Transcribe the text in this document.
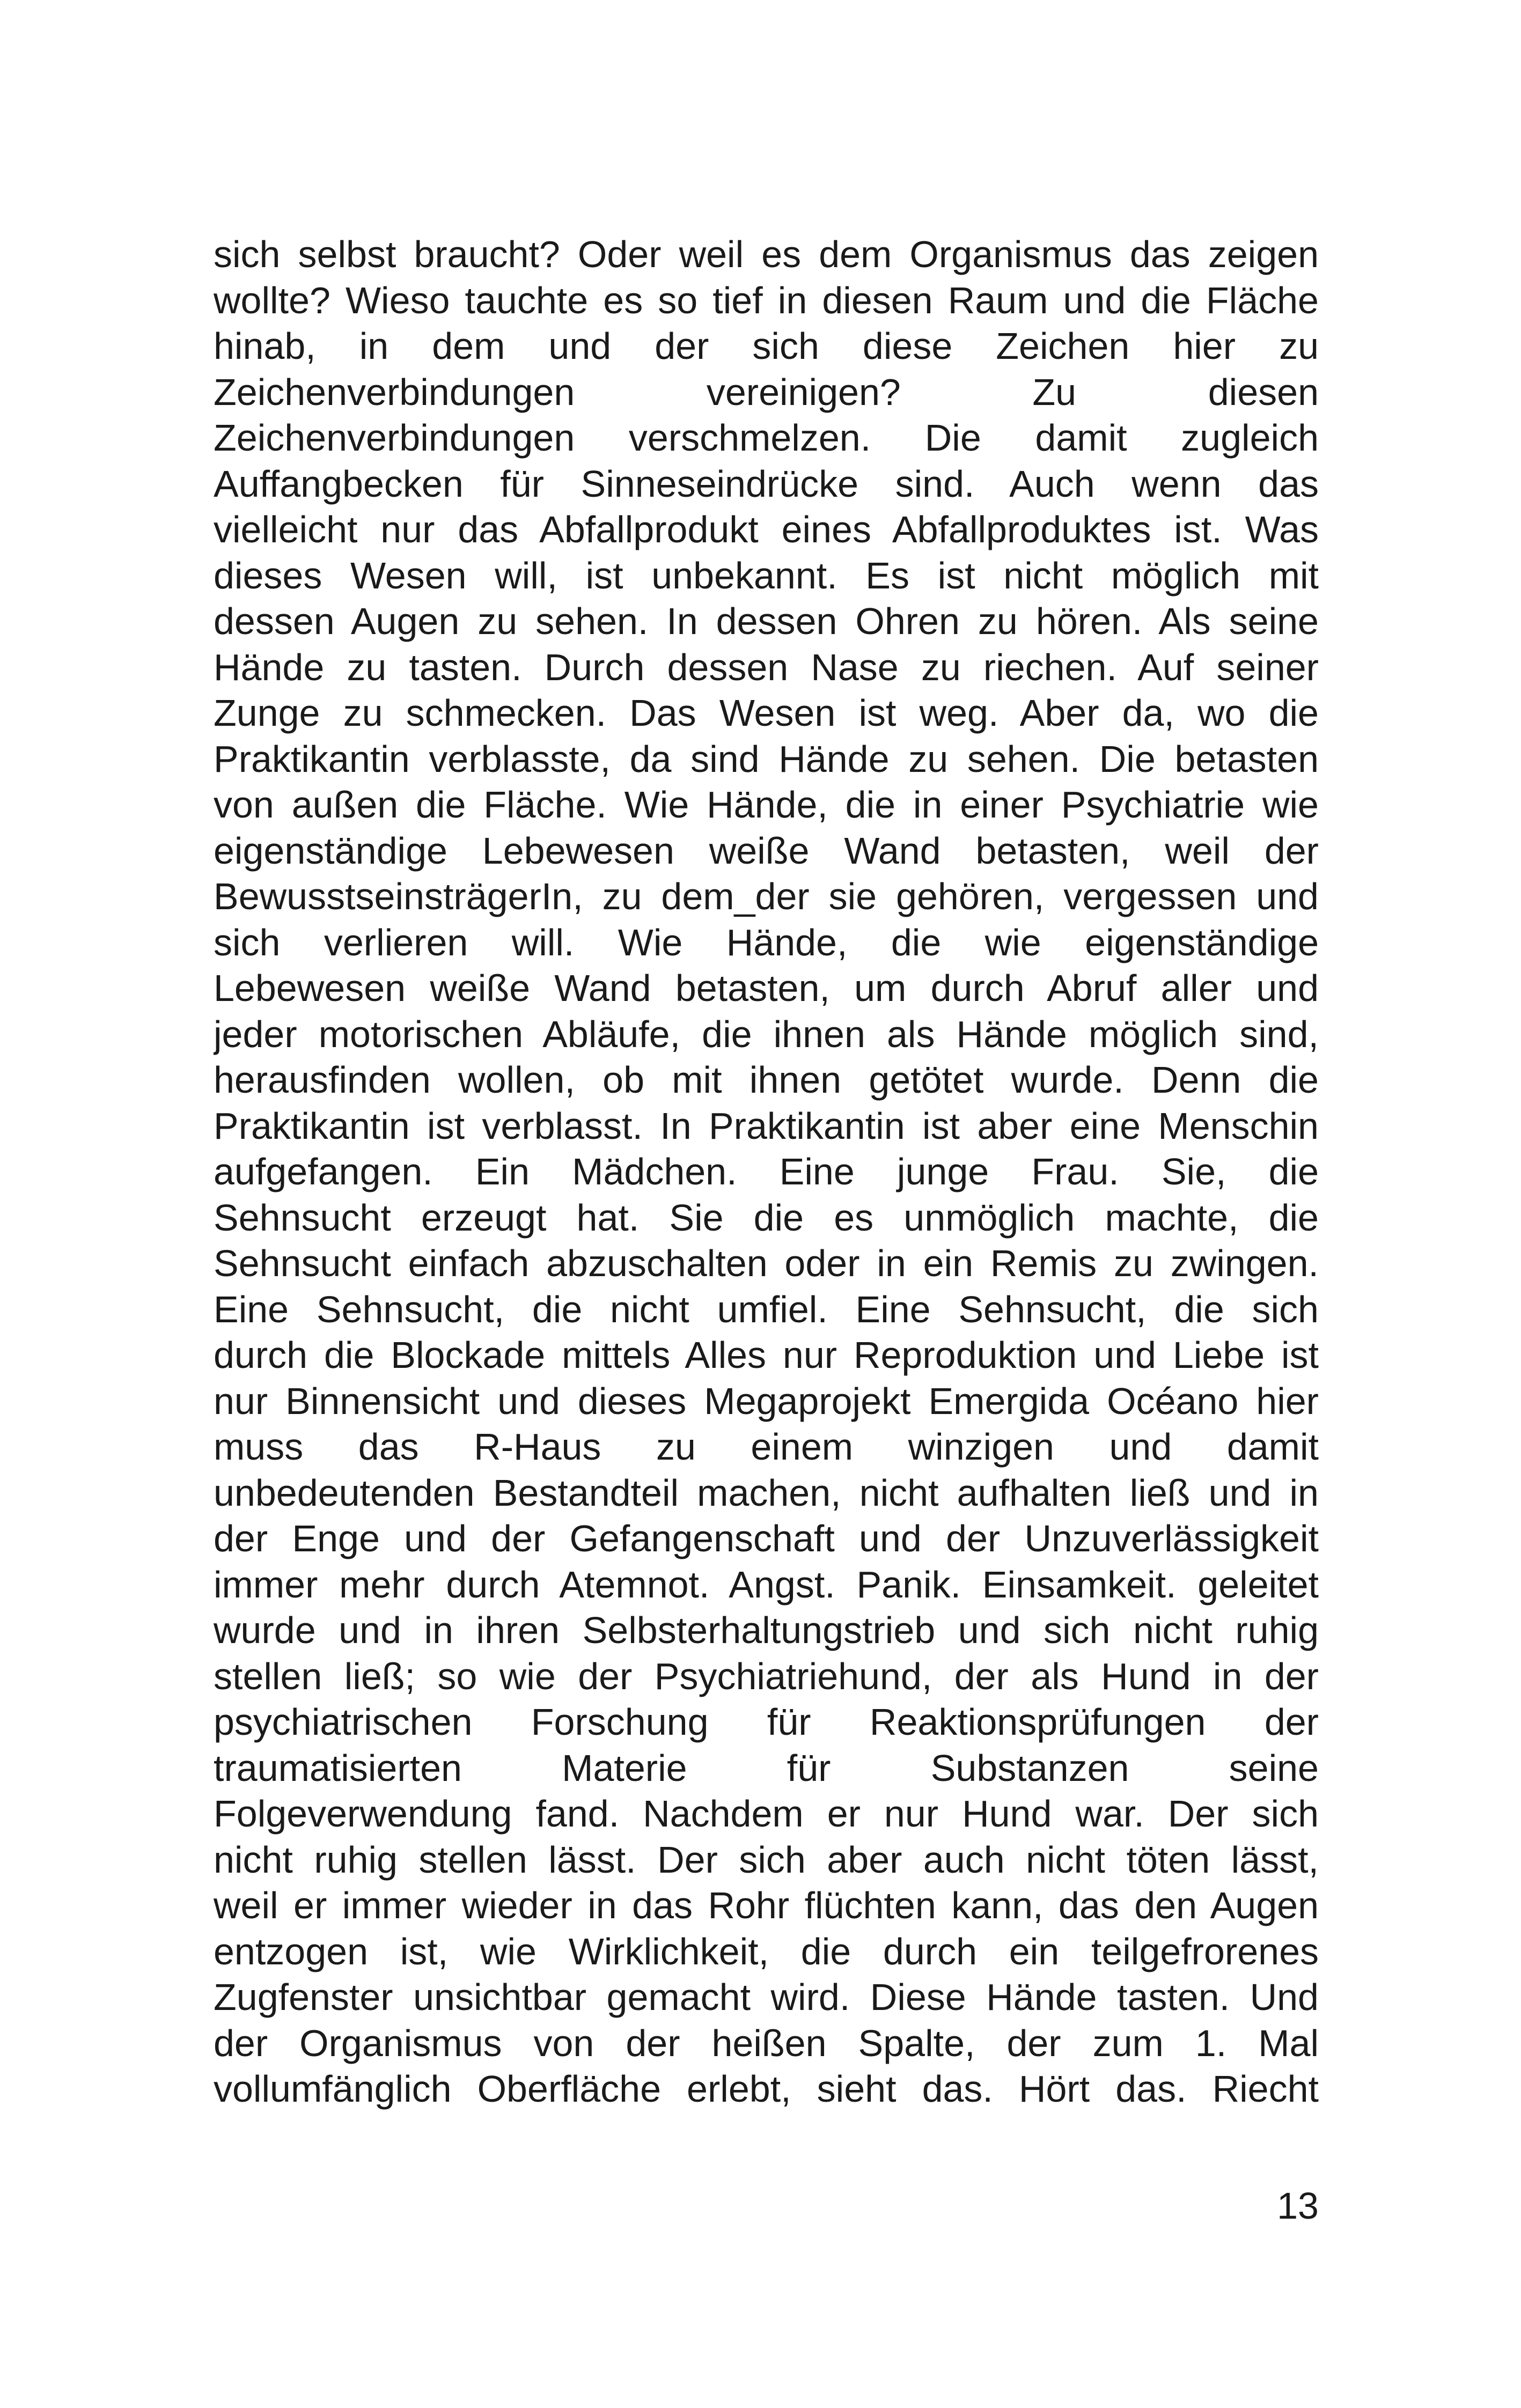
sich selbst braucht? Oder weil es dem Organismus das zeigen
wollte? Wieso tauchte es so tief in diesen Raum und die Fläche
hinab, in dem und der sich diese Zeichen hier zu
Zeichenverbindungen vereinigen? Zu diesen
Zeichenverbindungen verschmelzen. Die damit zugleich
Auffangbecken für Sinneseindrücke sind. Auch wenn das
vielleicht nur das Abfallprodukt eines Abfallproduktes ist. Was
dieses Wesen will, ist unbekannt. Es ist nicht möglich mit
dessen Augen zu sehen. In dessen Ohren zu hören. Als seine
Hände zu tasten. Durch dessen Nase zu riechen. Auf seiner
Zunge zu schmecken. Das Wesen ist weg. Aber da, wo die
Praktikantin verblasste, da sind Hände zu sehen. Die betasten
von außen die Fläche. Wie Hände, die in einer Psychiatrie wie
eigenständige Lebewesen weiße Wand betasten, weil der
BewusstseinsträgerIn, zu dem_der sie gehören, vergessen und
sich verlieren will. Wie Hände, die wie eigenständige
Lebewesen weiße Wand betasten, um durch Abruf aller und
jeder motorischen Abläufe, die ihnen als Hände möglich sind,
herausfinden wollen, ob mit ihnen getötet wurde. Denn die
Praktikantin ist verblasst. In Praktikantin ist aber eine Menschin
aufgefangen. Ein Mädchen. Eine junge Frau. Sie, die
Sehnsucht erzeugt hat. Sie die es unmöglich machte, die
Sehnsucht einfach abzuschalten oder in ein Remis zu zwingen.
Eine Sehnsucht, die nicht umfiel. Eine Sehnsucht, die sich
durch die Blockade mittels Alles nur Reproduktion und Liebe ist
nur Binnensicht und dieses Megaprojekt Emergida Océano hier
muss das R-Haus zu einem winzigen und damit
unbedeutenden Bestandteil machen, nicht aufhalten ließ und in
der Enge und der Gefangenschaft und der Unzuverlässigkeit
immer mehr durch Atemnot. Angst. Panik. Einsamkeit. geleitet
wurde und in ihren Selbsterhaltungstrieb und sich nicht ruhig
stellen ließ; so wie der Psychiatriehund, der als Hund in der
psychiatrischen Forschung für Reaktionsprüfungen der
traumatisierten Materie für Substanzen seine
Folgeverwendung fand. Nachdem er nur Hund war. Der sich
nicht ruhig stellen lässt. Der sich aber auch nicht töten lässt,
weil er immer wieder in das Rohr flüchten kann, das den Augen
entzogen ist, wie Wirklichkeit, die durch ein teilgefrorenes
Zugfenster unsichtbar gemacht wird. Diese Hände tasten. Und
der Organismus von der heißen Spalte, der zum 1. Mal
vollumfänglich Oberfläche erlebt, sieht das. Hört das. Riecht
13
